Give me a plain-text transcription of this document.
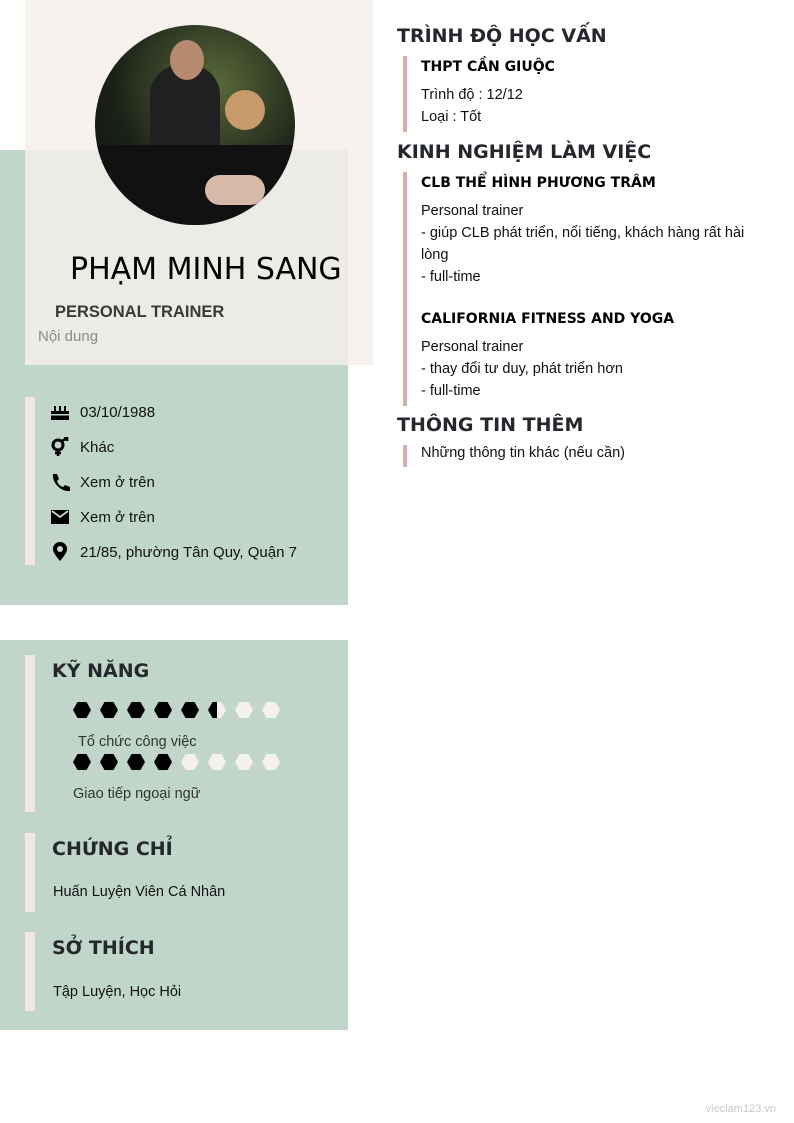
PHẠM MINH SANG
PERSONAL TRAINER
Nội dung
03/10/1988
Khác
Xem ở trên
Xem ở trên
21/85, phường Tân Quy, Quận 7
KỸ NĂNG
Tổ chức công việc
Giao tiếp ngoại ngữ
CHỨNG CHỈ
Huấn Luyện Viên Cá Nhân
SỞ THÍCH
Tập Luyện, Học Hỏi
TRÌNH ĐỘ HỌC VẤN
THPT CẦN GIUỘC
Trình độ : 12/12
Loại : Tốt
KINH NGHIỆM LÀM VIỆC
CLB THỂ HÌNH PHƯƠNG TRÂM
Personal trainer
- giúp CLB phát triển, nổi tiếng, khách hàng rất hài lòng
- full-time
CALIFORNIA FITNESS AND YOGA
Personal trainer
- thay đổi tư duy, phát triển hơn
- full-time
THÔNG TIN THÊM
Những thông tin khác (nếu cần)
vieclam123.vn
